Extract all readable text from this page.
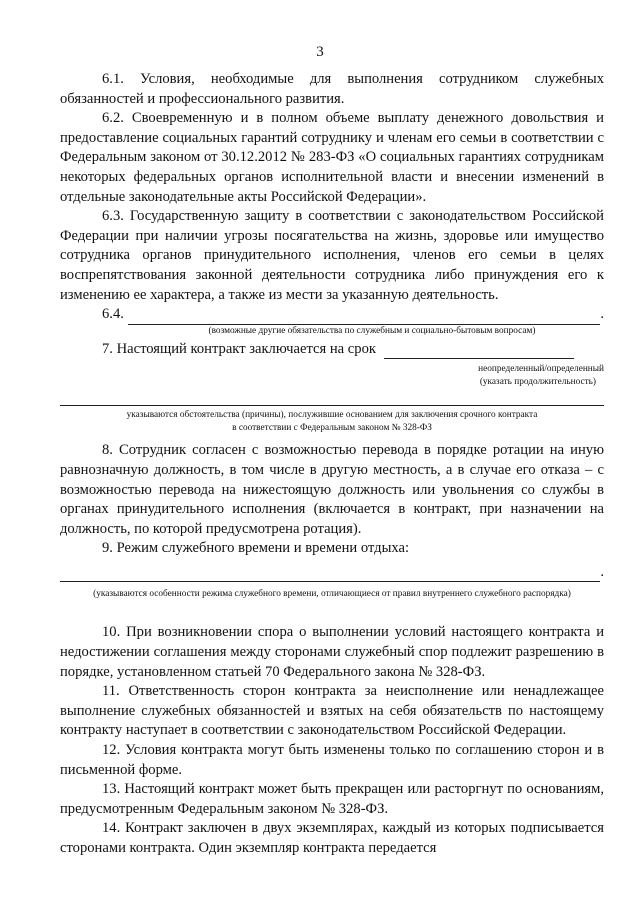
3

6.1. Условия, необходимые для выполнения сотрудником служебных обязанностей и профессионального развития.

6.2. Своевременную и в полном объеме выплату денежного довольствия и предоставление социальных гарантий сотруднику и членам его семьи в соответствии с Федеральным законом от 30.12.2012 № 283-ФЗ «О социальных гарантиях сотрудникам некоторых федеральных органов исполнительной власти и внесении изменений в отдельные законодательные акты Российской Федерации».

6.3. Государственную защиту в соответствии с законодательством Российской Федерации при наличии угрозы посягательства на жизнь, здоровье или имущество сотрудника органов принудительного исполнения, членов его семьи в целях воспрепятствования законной деятельности сотрудника либо принуждения его к изменению ее характера, а также из мести за указанную деятельность.

6.4.	.

(возможные другие обязательства по служебным и социально-бытовым вопросам)

7. Настоящий контракт заключается на срок

неопределенный/определенный

(указать продолжительность)

указываются обстоятельства (причины), послужившие основанием для заключения срочного контракта

в соответствии с Федеральным законом № 328-ФЗ

8. Сотрудник согласен с возможностью перевода в порядке ротации на иную равнозначную должность, в том числе в другую местность, а в случае его отказа – с возможностью перевода на нижестоящую должность или увольнения со службы в органах принудительного исполнения (включается в контракт, при назначении на должность, по которой предусмотрена ротация).

9. Режим служебного времени и времени отдыха:

.

(указываются особенности режима служебного времени, отличающиеся от правил внутреннего служебного распорядка)

10. При возникновении спора о выполнении условий настоящего контракта и недостижении соглашения между сторонами служебный спор подлежит разрешению в порядке, установленном статьей 70 Федерального закона № 328-ФЗ.

11. Ответственность сторон контракта за неисполнение или ненадлежащее выполнение служебных обязанностей и взятых на себя обязательств по настоящему контракту наступает в соответствии с законодательством Российской Федерации.

12. Условия контракта могут быть изменены только по соглашению сторон и в письменной форме.

13. Настоящий контракт может быть прекращен или расторгнут по основаниям, предусмотренным Федеральным законом № 328-ФЗ.

14. Контракт заключен в двух экземплярах, каждый из которых подписывается сторонами контракта. Один экземпляр контракта передается
